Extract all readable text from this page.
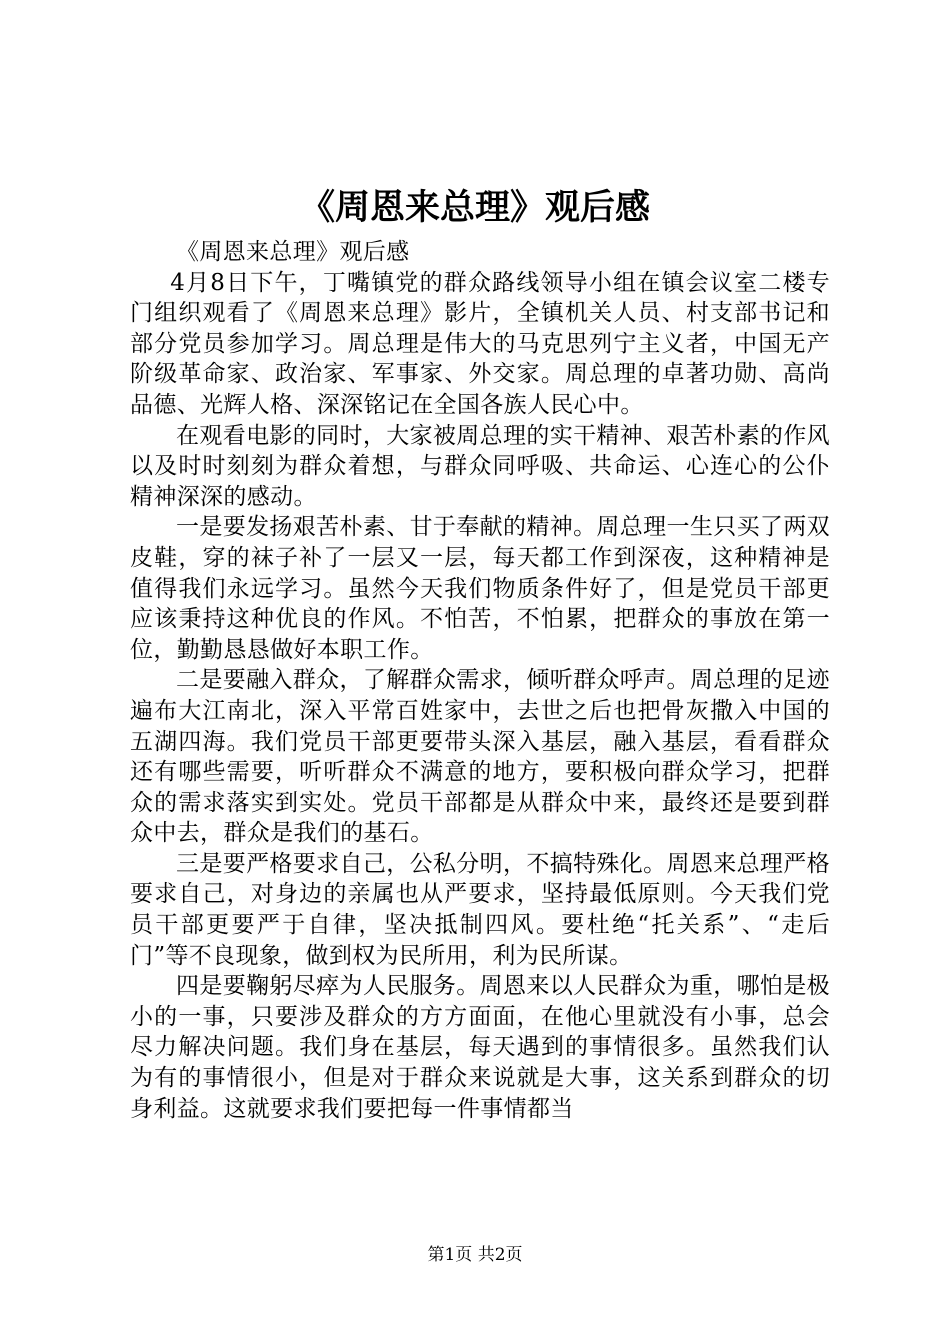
《周恩来总理》观后感

《周恩来总理》观后感

4月8日下午，丁嘴镇党的群众路线领导小组在镇会议室二楼专门组织观看了《周恩来总理》影片，全镇机关人员、村支部书记和部分党员参加学习。周总理是伟大的马克思列宁主义者，中国无产阶级革命家、政治家、军事家、外交家。周总理的卓著功勋、高尚品德、光辉人格、深深铭记在全国各族人民心中。

在观看电影的同时，大家被周总理的实干精神、艰苦朴素的作风以及时时刻刻为群众着想，与群众同呼吸、共命运、心连心的公仆精神深深的感动。

一是要发扬艰苦朴素、甘于奉献的精神。周总理一生只买了两双皮鞋，穿的袜子补了一层又一层，每天都工作到深夜，这种精神是值得我们永远学习。虽然今天我们物质条件好了，但是党员干部更应该秉持这种优良的作风。不怕苦，不怕累，把群众的事放在第一位，勤勤恳恳做好本职工作。

二是要融入群众，了解群众需求，倾听群众呼声。周总理的足迹遍布大江南北，深入平常百姓家中，去世之后也把骨灰撒入中国的五湖四海。我们党员干部更要带头深入基层，融入基层，看看群众还有哪些需要，听听群众不满意的地方，要积极向群众学习，把群众的需求落实到实处。党员干部都是从群众中来，最终还是要到群众中去，群众是我们的基石。

三是要严格要求自己，公私分明，不搞特殊化。周恩来总理严格要求自己，对身边的亲属也从严要求，坚持最低原则。今天我们党员干部更要严于自律，坚决抵制四风。要杜绝“托关系”、“走后门”等不良现象，做到权为民所用，利为民所谋。

四是要鞠躬尽瘁为人民服务。周恩来以人民群众为重，哪怕是极小的一事，只要涉及群众的方方面面，在他心里就没有小事，总会尽力解决问题。我们身在基层，每天遇到的事情很多。虽然我们认为有的事情很小，但是对于群众来说就是大事，这关系到群众的切身利益。这就要求我们要把每一件事情都当

第1页 共2页
